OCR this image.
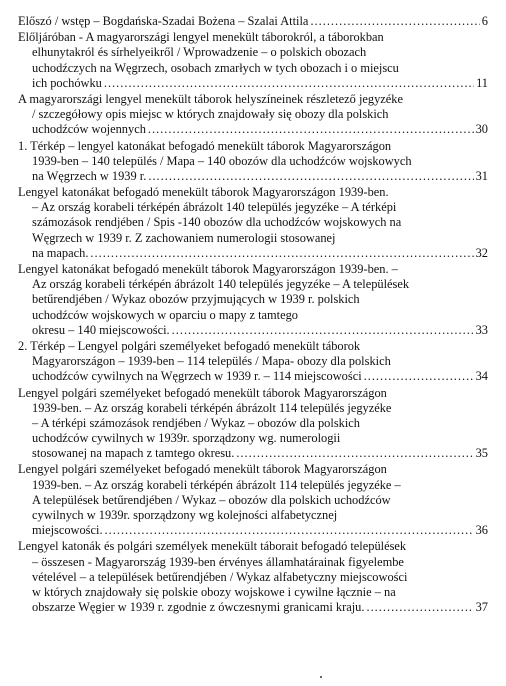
Előszó / wstęp – Bogdańska-Szadai Bożena – Szalai Attila .....	6
Előljáróban - A magyarországi lengyel menekült táborokról, a táborokban
elhunytakról és sírhelyeikről / Wprowadzenie – o polskich obozach
uchodźczych na Węgrzech, osobach zmarłych w tych obozach i o miejscu
ich pochówku .....	11
A magyarországi lengyel menekült táborok helyszíneinek részletező jegyzéke
/ szczegółowy opis miejsc w których znajdowały się obozy dla polskich
uchodźców wojennych .....	30
1. Térkép – lengyel katonákat befogadó menekült táborok Magyarországon
1939-ben – 140 település / Mapa – 140 obozów dla uchodźców wojskowych
na Węgrzech w 1939 r. .....	31
Lengyel katonákat befogadó menekült táborok Magyarországon 1939-ben.
– Az ország korabeli térképén ábrázolt 140 település jegyzéke – A térképi
számozások rendjében / Spis -140 obozów dla uchodźców wojskowych na
Węgrzech w 1939 r. Z zachowaniem numerologii stosowanej
na mapach. .....	32
Lengyel katonákat befogadó menekült táborok Magyarországon 1939-ben. –
Az ország korabeli térképén ábrázolt 140 település jegyzéke – A települések
betűrendjében / Wykaz obozów przyjmujących w 1939 r. polskich
uchodźców wojskowych w oparciu o mapy z tamtego
okresu – 140 miejscowości. .....	33
2. Térkép – Lengyel polgári személyeket befogadó menekült táborok
Magyarországon – 1939-ben – 114 település / Mapa- obozy dla polskich
uchodźców cywilnych na Węgrzech w 1939 r. – 114 miejscowości .....	34
Lengyel polgári személyeket befogadó menekült táborok Magyarországon
1939-ben. – Az ország korabeli térképén ábrázolt 114 település jegyzéke
– A térképi számozások rendjében / Wykaz – obozów dla polskich
uchodźców cywilnych w 1939r. sporządzony wg. numerologii
stosowanej na mapach z tamtego okresu. .....	35
Lengyel polgári személyeket befogadó menekült táborok Magyarországon
1939-ben. – Az ország korabeli térképén ábrázolt 114 település jegyzéke –
A települések betűrendjében / Wykaz – obozów dla polskich uchodźców
cywilnych w 1939r. sporządzony wg kolejności alfabetycznej
miejscowości. .....	36
Lengyel katonák és polgári személyek menekült táborait befogadó települések
– összesen - Magyarország 1939-ben érvényes államhatárainak figyelembe
vételével – a települések betűrendjében / Wykaz alfabetyczny miejscowości
w których znajdowały się polskie obozy wojskowe i cywilne łącznie – na
obszarze Węgier w 1939 r. zgodnie z ówczesnymi granicami kraju. .....	37
